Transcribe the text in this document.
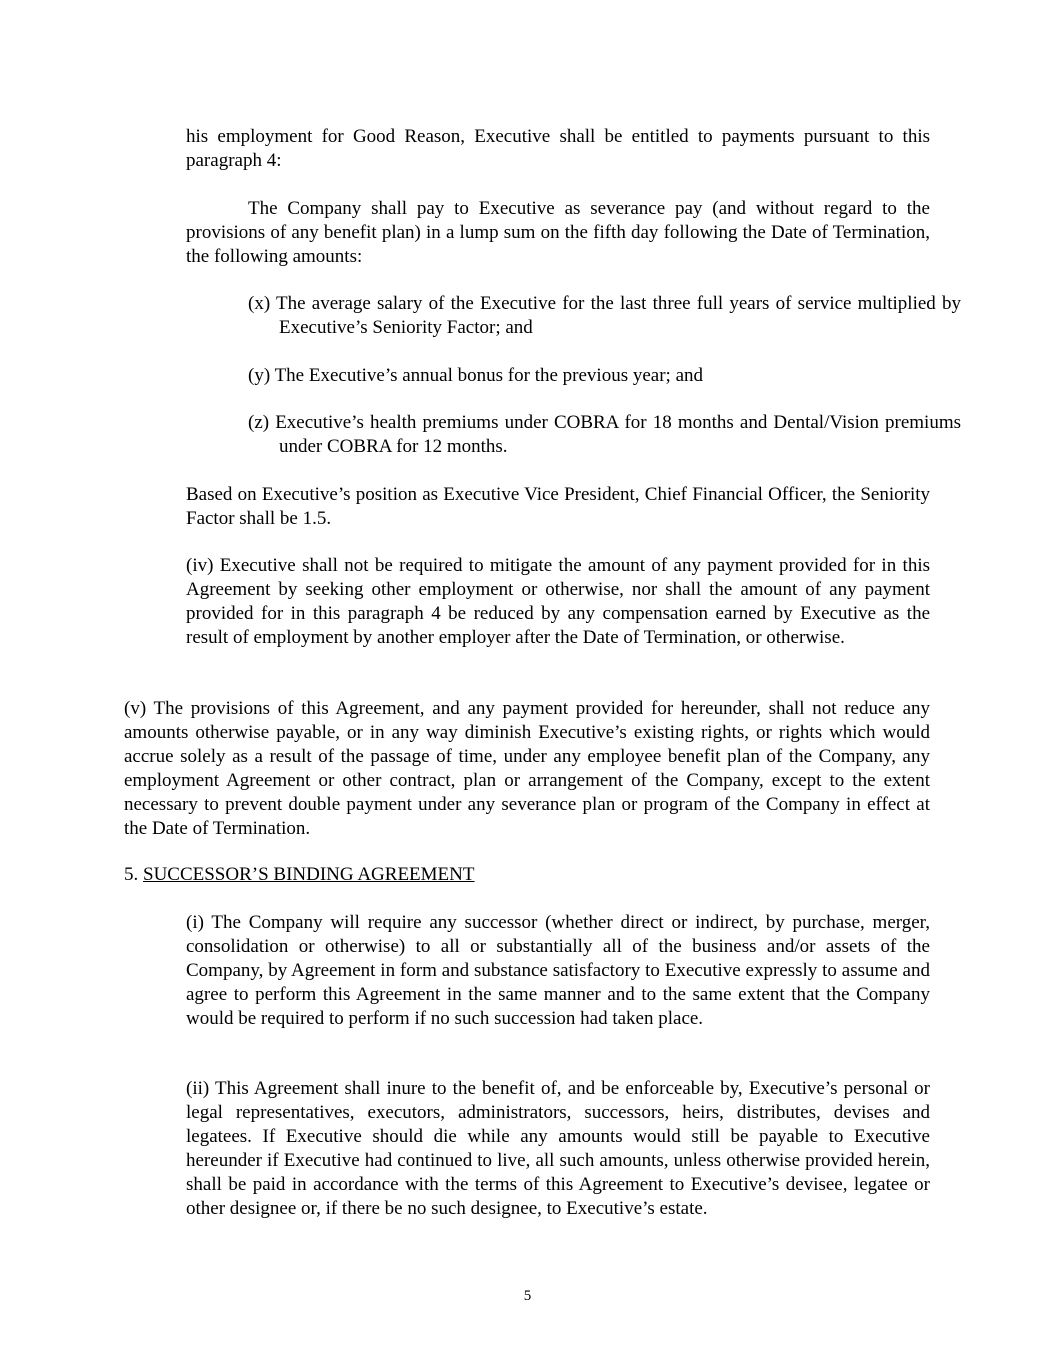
his employment for Good Reason, Executive shall be entitled to payments pursuant to this paragraph 4:

The Company shall pay to Executive as severance pay (and without regard to the provisions of any benefit plan) in a lump sum on the fifth day following the Date of Termination, the following amounts:

(x) The average salary of the Executive for the last three full years of service multiplied by Executive’s Seniority Factor; and

(y) The Executive’s annual bonus for the previous year; and

(z) Executive’s health premiums under COBRA for 18 months and Dental/Vision premiums under COBRA for 12 months.

Based on Executive’s position as Executive Vice President, Chief Financial Officer, the Seniority Factor shall be 1.5.

(iv) Executive shall not be required to mitigate the amount of any payment provided for in this Agreement by seeking other employment or otherwise, nor shall the amount of any payment provided for in this paragraph 4 be reduced by any compensation earned by Executive as the result of employment by another employer after the Date of Termination, or otherwise.

(v) The provisions of this Agreement, and any payment provided for hereunder, shall not reduce any amounts otherwise payable, or in any way diminish Executive’s existing rights, or rights which would accrue solely as a result of the passage of time, under any employee benefit plan of the Company, any employment Agreement or other contract, plan or arrangement of the Company, except to the extent necessary to prevent double payment under any severance plan or program of the Company in effect at the Date of Termination.

5. SUCCESSOR’S BINDING AGREEMENT

(i) The Company will require any successor (whether direct or indirect, by purchase, merger, consolidation or otherwise) to all or substantially all of the business and/or assets of the Company, by Agreement in form and substance satisfactory to Executive expressly to assume and agree to perform this Agreement in the same manner and to the same extent that the Company would be required to perform if no such succession had taken place.

(ii) This Agreement shall inure to the benefit of, and be enforceable by, Executive’s personal or legal representatives, executors, administrators, successors, heirs, distributes, devises and legatees. If Executive should die while any amounts would still be payable to Executive hereunder if Executive had continued to live, all such amounts, unless otherwise provided herein, shall be paid in accordance with the terms of this Agreement to Executive’s devisee, legatee or other designee or, if there be no such designee, to Executive’s estate.

5
